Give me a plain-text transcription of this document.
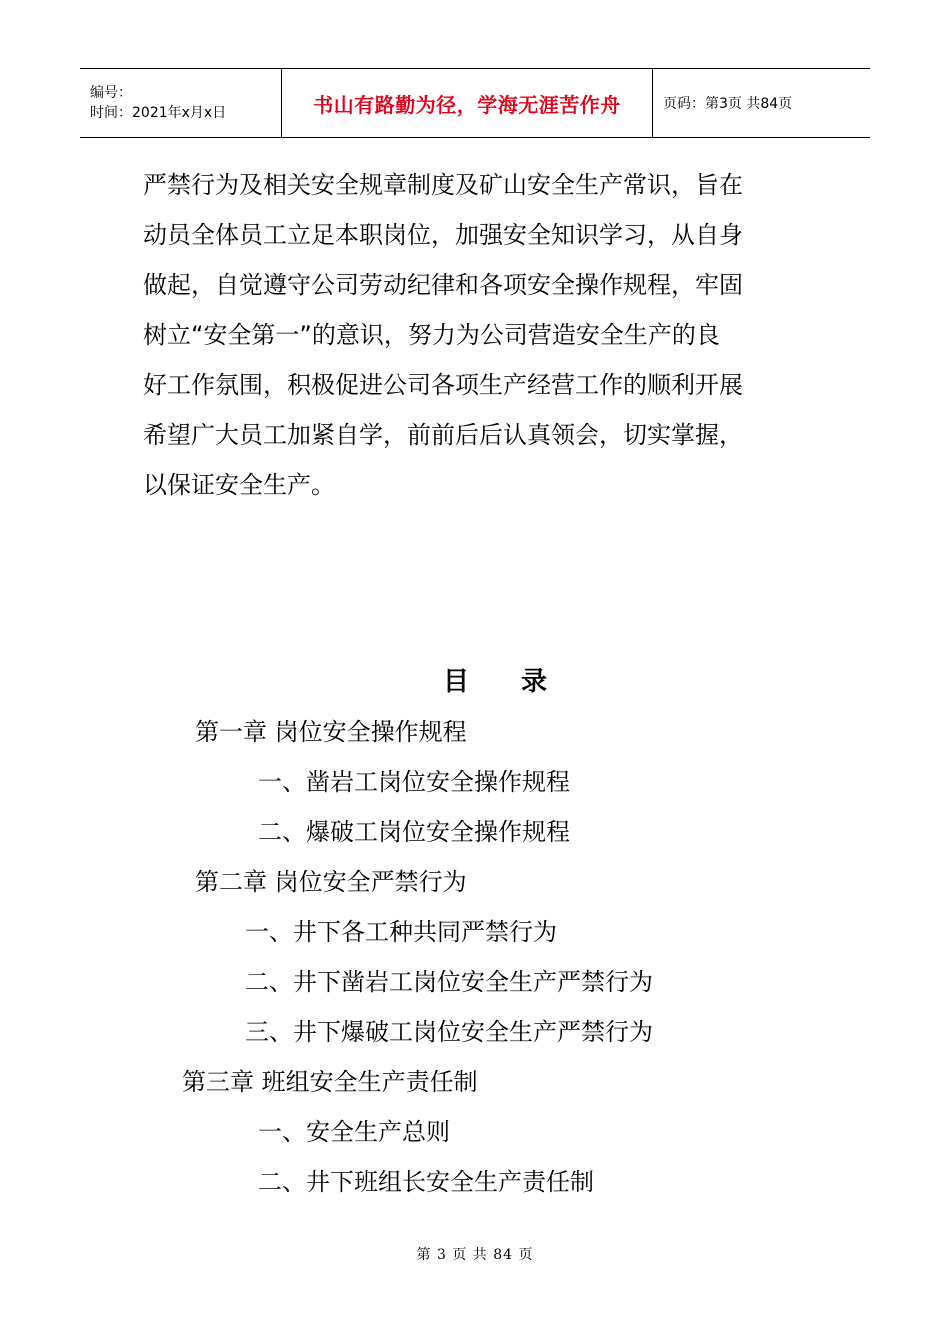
编号：
时间：2021年x月x日	书山有路勤为径，学海无涯苦作舟	页码：第3页 共84页

严禁行为及相关安全规章制度及矿山安全生产常识，旨在

动员全体员工立足本职岗位，加强安全知识学习，从自身

做起，自觉遵守公司劳动纪律和各项安全操作规程，牢固

树立“安全第一”的意识，努力为公司营造安全生产的良

好工作氛围，积极促进公司各项生产经营工作的顺利开展

希望广大员工加紧自学，前前后后认真领会，切实掌握，

以保证安全生产。

目 录
第一章 岗位安全操作规程
一、凿岩工岗位安全操作规程
二、爆破工岗位安全操作规程
第二章 岗位安全严禁行为
一、井下各工种共同严禁行为
二、井下凿岩工岗位安全生产严禁行为
三、井下爆破工岗位安全生产严禁行为
第三章 班组安全生产责任制
一、安全生产总则
二、井下班组长安全生产责任制
第 3 页 共 84 页
